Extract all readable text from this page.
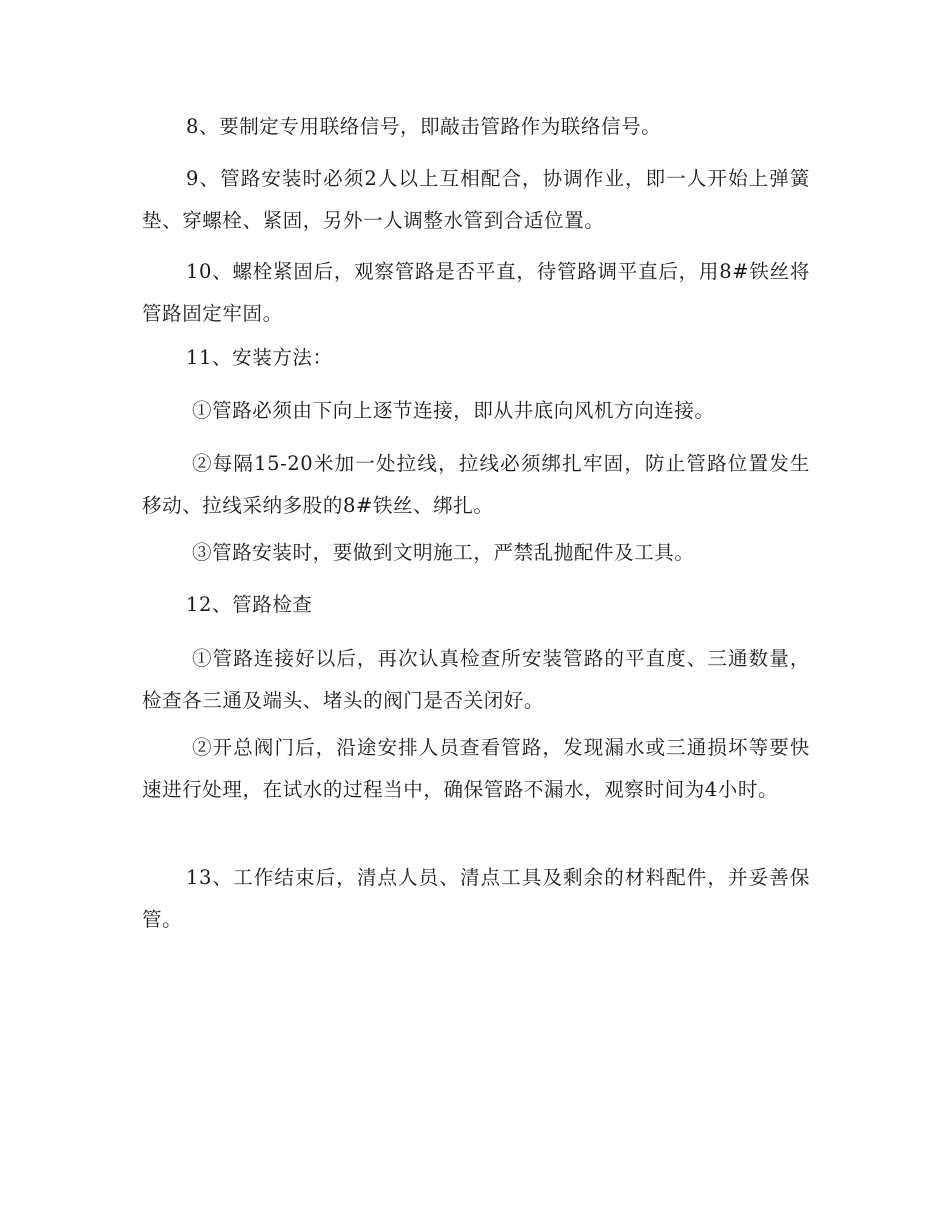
8、要制定专用联络信号，即敲击管路作为联络信号。

9、管路安装时必须2人以上互相配合，协调作业，即一人开始上弹簧垫、穿螺栓、紧固，另外一人调整水管到合适位置。

10、螺栓紧固后，观察管路是否平直，待管路调平直后，用8#铁丝将管路固定牢固。

11、安装方法：

①管路必须由下向上逐节连接，即从井底向风机方向连接。

②每隔15-20米加一处拉线，拉线必须绑扎牢固，防止管路位置发生移动、拉线采纳多股的8#铁丝、绑扎。

③管路安装时，要做到文明施工，严禁乱抛配件及工具。

12、管路检查

①管路连接好以后，再次认真检查所安装管路的平直度、三通数量，检查各三通及端头、堵头的阀门是否关闭好。

②开总阀门后，沿途安排人员查看管路，发现漏水或三通损坏等要快速进行处理，在试水的过程当中，确保管路不漏水，观察时间为4小时。

13、工作结束后，清点人员、清点工具及剩余的材料配件，并妥善保管。
